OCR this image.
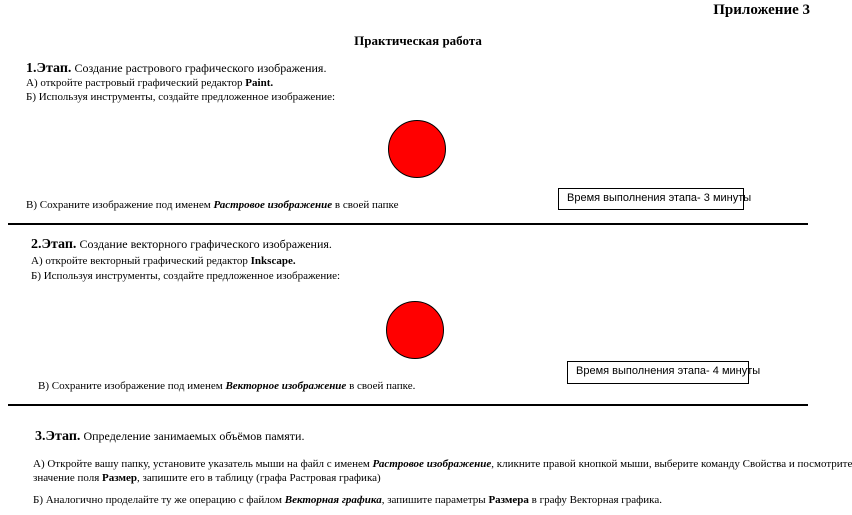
Приложение 3
Практическая работа
1.Этап. Создание растрового графического изображения.
А) откройте растровый графический редактор Paint.
Б) Используя инструменты, создайте предложенное изображение:
В) Сохраните изображение под именем Растровое изображение в своей папке
Время выполнения этапа- 3 минуты
2.Этап. Создание векторного графического изображения.
А) откройте векторный графический редактор Inkscape.
Б) Используя инструменты, создайте предложенное изображение:
В) Сохраните изображение под именем Векторное изображение в своей папке.
Время выполнения этапа- 4 минуты
3.Этап. Определение занимаемых объёмов памяти.
А) Откройте вашу папку, установите указатель мыши на файл с именем Растровое изображение, кликните правой кнопкой мыши, выберите команду Свойства и посмотрите
значение поля Размер, запишите его в таблицу (графа Растровая графика)
Б) Аналогично проделайте ту же операцию с файлом Векторная графика, запишите параметры Размера в графу Векторная графика.
